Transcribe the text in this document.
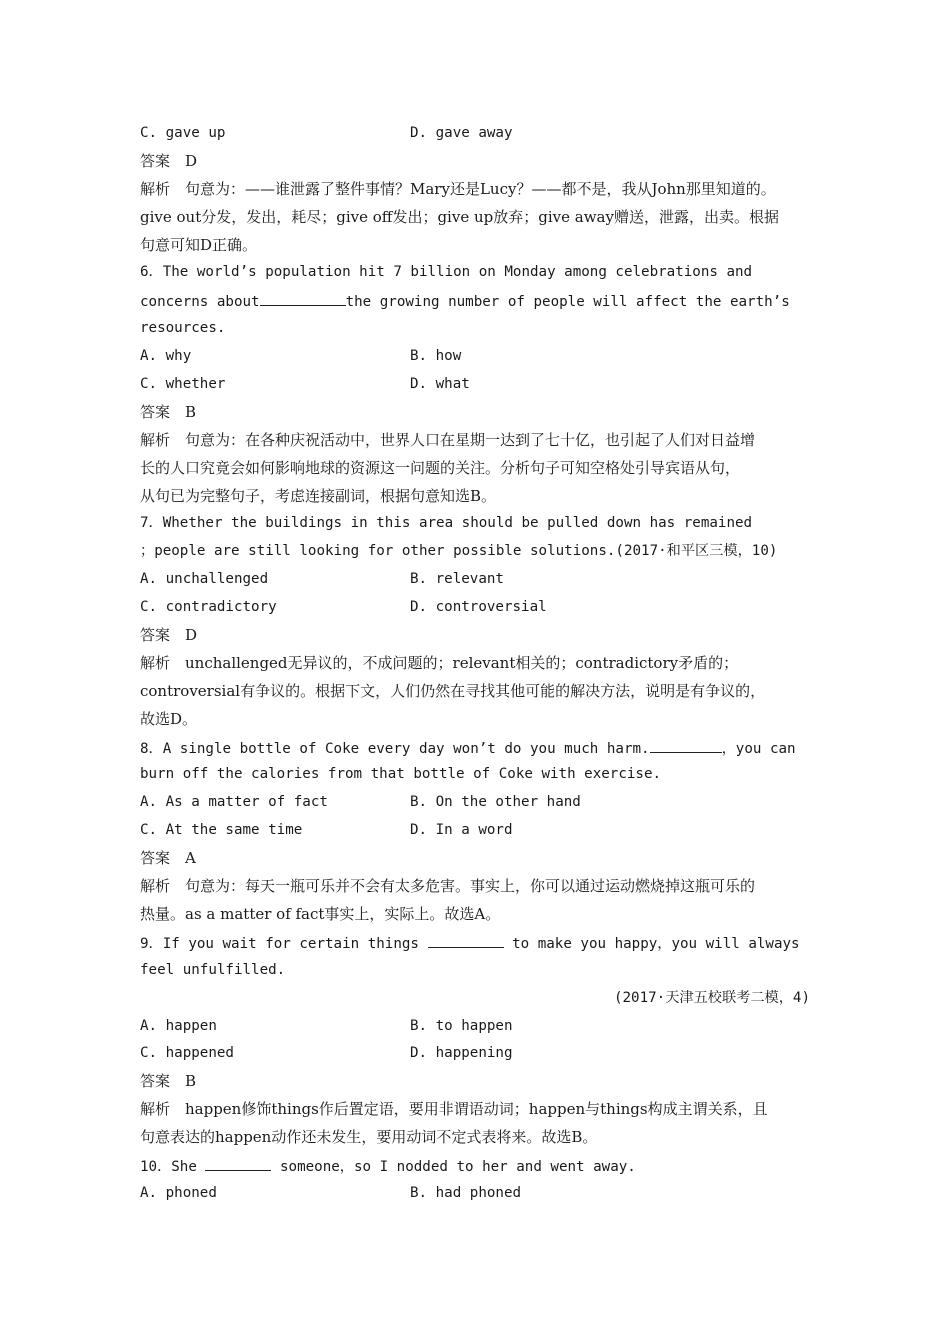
C. gave up	D. gave away
答案　D
解析　句意为：——谁泄露了整件事情？Mary还是Lucy？——都不是，我从John那里知道的。
give out分发，发出，耗尽；give off发出；give up放弃；give away赠送，泄露，出卖。根据
句意可知D正确。
6．The world’s population hit 7 billion on Monday among celebrations and
concerns about	the growing number of people will affect the earth’s
resources.
A. why	B. how
C. whether	D. what
答案　B
解析　句意为：在各种庆祝活动中，世界人口在星期一达到了七十亿，也引起了人们对日益增
长的人口究竟会如何影响地球的资源这一问题的关注。分析句子可知空格处引导宾语从句，
从句已为完整句子，考虑连接副词，根据句意知选B。
7．Whether the buildings in this area should be pulled down has remained
；people are still looking for other possible solutions.(2017·和平区三模，10)
A. unchallenged	B. relevant
C. contradictory	D. controversial
答案　D
解析　unchallenged无异议的，不成问题的；relevant相关的；contradictory矛盾的；
controversial有争议的。根据下文，人们仍然在寻找其他可能的解决方法，说明是有争议的，
故选D。
8．A single bottle of Coke every day won’t do you much harm.	，you can
burn off the calories from that bottle of Coke with exercise.
A. As a matter of fact	B. On the other hand
C. At the same time	D. In a word
答案　A
解析　句意为：每天一瓶可乐并不会有太多危害。事实上，你可以通过运动燃烧掉这瓶可乐的
热量。as a matter of fact事实上，实际上。故选A。
9．If you wait for certain things	to make you happy，you will always
feel unfulfilled.
(2017·天津五校联考二模，4)
A. happen	B. to happen
C. happened	D. happening
答案　B
解析　happen修饰things作后置定语，要用非谓语动词；happen与things构成主谓关系，且
句意表达的happen动作还未发生，要用动词不定式表将来。故选B。
10．She	someone，so I nodded to her and went away.
A. phoned	B. had phoned
